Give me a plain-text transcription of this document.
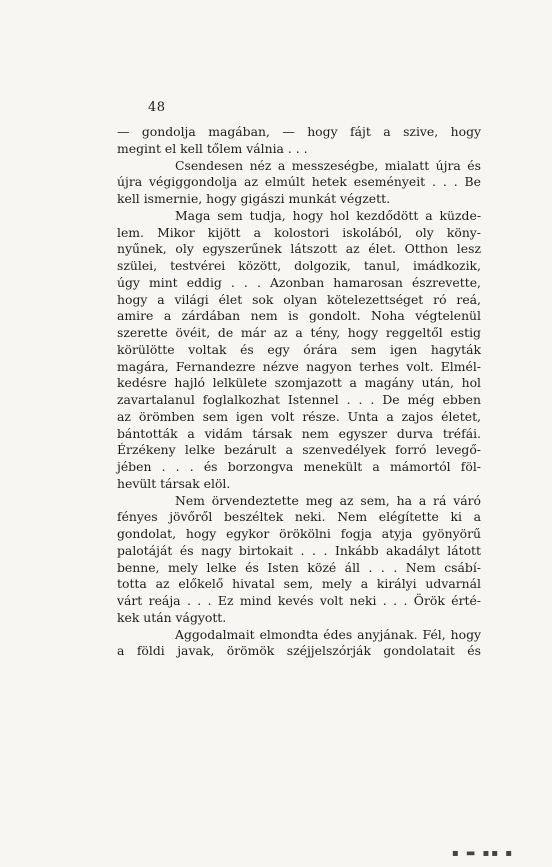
48
— gondolja magában, — hogy fájt a szive, hogy
megint el kell tőlem válnia . . .
Csendesen néz a messzeségbe, mialatt újra és
újra végiggondolja az elmúlt hetek eseményeit . . . Be
kell ismernie, hogy gigászi munkát végzett.
Maga sem tudja, hogy hol kezdődött a küzde-
lem. Mikor kijött a kolostori iskolából, oly köny-
nyűnek, oly egyszerűnek látszott az élet. Otthon lesz
szülei, testvérei között, dolgozik, tanul, imádkozik,
úgy mint eddig . . . Azonban hamarosan észrevette,
hogy a világi élet sok olyan kötelezettséget ró reá,
amire a zárdában nem is gondolt. Noha végtelenül
szerette övéit, de már az a tény, hogy reggeltől estig
körülötte voltak és egy órára sem igen hagyták
magára, Fernandezre nézve nagyon terhes volt. Elmél-
kedésre hajló lelkülete szomjazott a magány után, hol
zavartalanul foglalkozhat Istennel . . . De még ebben
az örömben sem igen volt része. Unta a zajos életet,
bántották a vidám társak nem egyszer durva tréfái.
Érzékeny lelke bezárult a szenvedélyek forró levegő-
jében . . . és borzongva menekült a mámortól föl-
hevült társak elöl.
Nem örvendeztette meg az sem, ha a rá váró
fényes jövőről beszéltek neki. Nem elégítette ki a
gondolat, hogy egykor örökölni fogja atyja gyönyörű
palotáját és nagy birtokait . . . Inkább akadályt látott
benne, mely lelke és Isten közé áll . . . Nem csábí-
totta az előkelő hivatal sem, mely a királyi udvarnál
várt reája . . . Ez mind kevés volt neki . . . Örök érté-
kek után vágyott.
Aggodalmait elmondta édes anyjának. Fél, hogy
a földi javak, örömök széjjelszórják gondolatait és
▪ ▬ ▪▪ ▪
